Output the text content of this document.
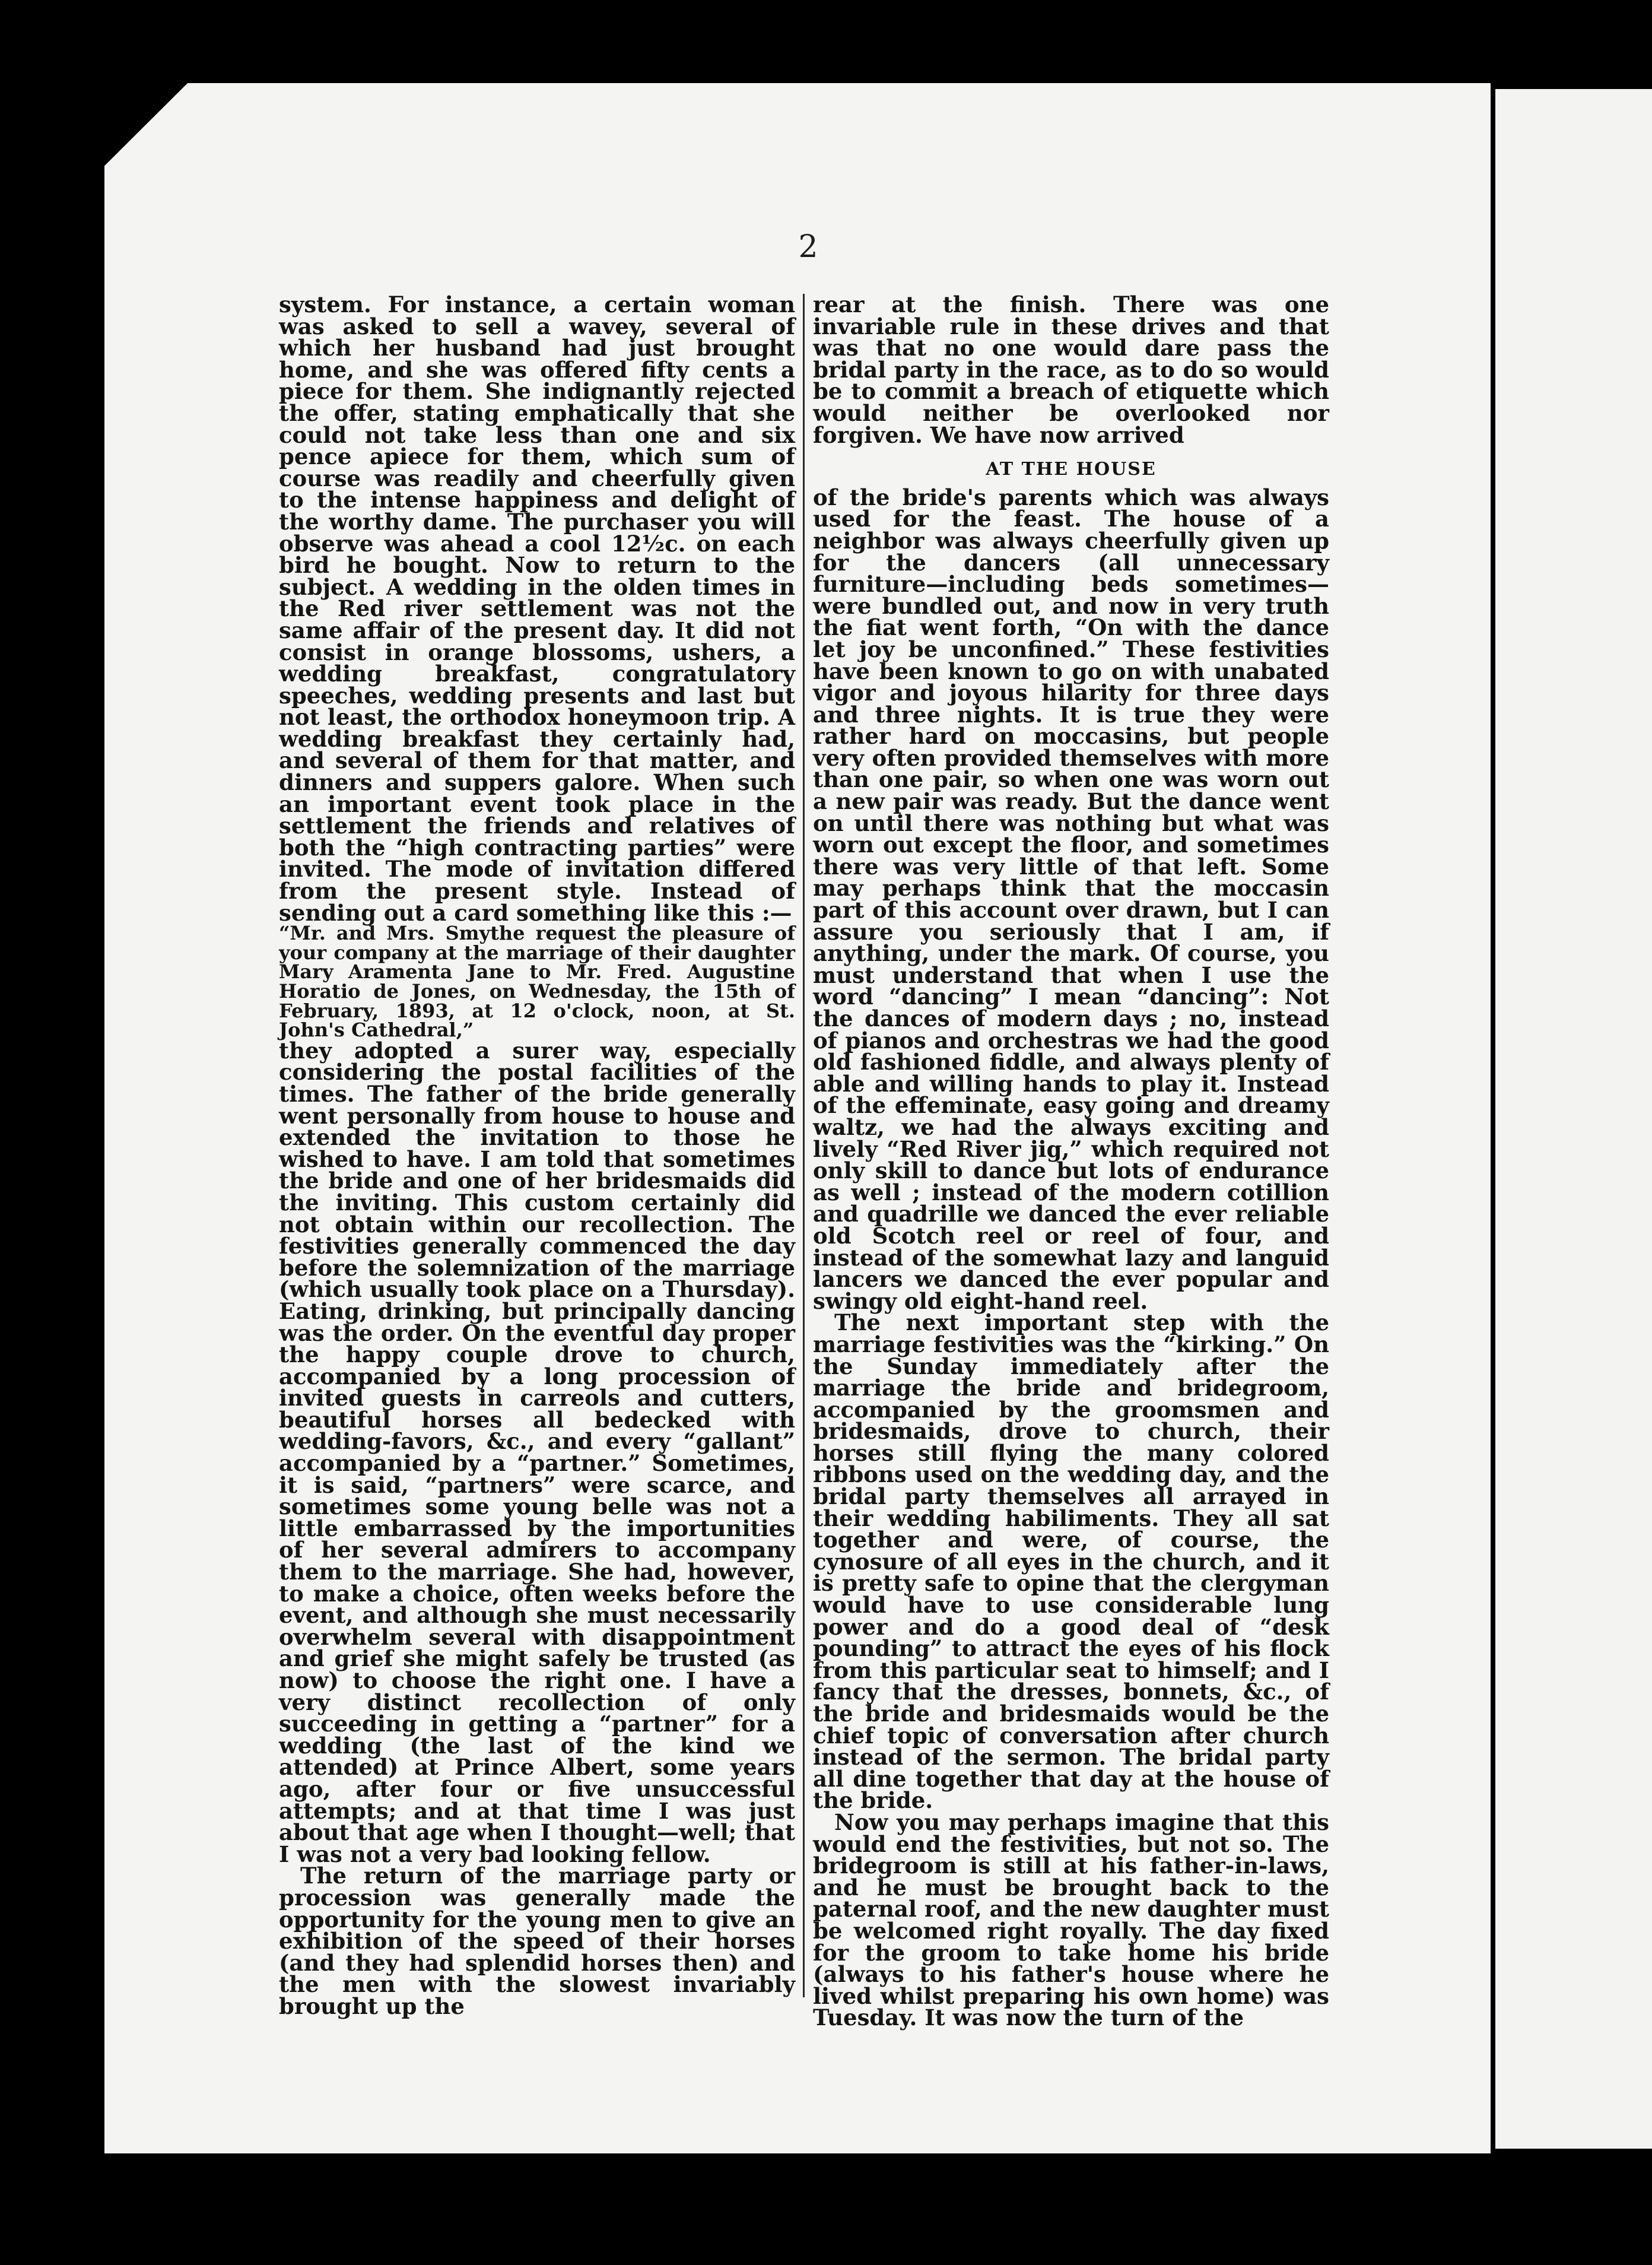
2

system. For instance, a certain woman was asked to sell a wavey, several of which her husband had just brought home, and she was offered fifty cents a piece for them. She indignantly rejected the offer, stating emphatically that she could not take less than one and six pence apiece for them, which sum of course was readily and cheerfully given to the intense happiness and delight of the worthy dame. The purchaser you will observe was ahead a cool 12½c. on each bird he bought. Now to return to the subject. A wedding in the olden times in the Red river settlement was not the same affair of the present day. It did not consist in orange blossoms, ushers, a wedding breakfast, congratulatory speeches, wedding presents and last but not least, the orthodox honeymoon trip. A wedding breakfast they certainly had, and several of them for that matter, and dinners and suppers galore. When such an important event took place in the settlement the friends and relatives of both the “high contracting parties” were invited. The mode of invitation differed from the present style. Instead of sending out a card something like this :—

“Mr. and Mrs. Smythe request the pleasure of your company at the marriage of their daughter Mary Aramenta Jane to Mr. Fred. Augustine Horatio de Jones, on Wednesday, the 15th of February, 1893, at 12 o'clock, noon, at St. John's Cathedral,”

they adopted a surer way, especially considering the postal facilities of the times. The father of the bride generally went personally from house to house and extended the invitation to those he wished to have. I am told that sometimes the bride and one of her bridesmaids did the inviting. This custom certainly did not obtain within our recollection. The festivities generally commenced the day before the solemnization of the marriage (which usually took place on a Thursday). Eating, drinking, but principally dancing was the order. On the eventful day proper the happy couple drove to church, accompanied by a long procession of invited guests in carreols and cutters, beautiful horses all bedecked with wedding-favors, &c., and every “gallant” accompanied by a “partner.” Sometimes, it is said, “partners” were scarce, and sometimes some young belle was not a little embarrassed by the importunities of her several admirers to accompany them to the marriage. She had, however, to make a choice, often weeks before the event, and although she must necessarily overwhelm several with disappointment and grief she might safely be trusted (as now) to choose the right one. I have a very distinct recollection of only succeeding in getting a “partner” for a wedding (the last of the kind we attended) at Prince Albert, some years ago, after four or five unsuccessful attempts; and at that time I was just about that age when I thought—well; that I was not a very bad looking fellow.

The return of the marriage party or procession was generally made the opportunity for the young men to give an exhibition of the speed of their horses (and they had splendid horses then) and the men with the slowest invariably brought up the

rear at the finish. There was one invariable rule in these drives and that was that no one would dare pass the bridal party in the race, as to do so would be to commit a breach of etiquette which would neither be overlooked nor forgiven. We have now arrived

AT THE HOUSE

of the bride's parents which was always used for the feast. The house of a neighbor was always cheerfully given up for the dancers (all unnecessary furniture—including beds sometimes—were bundled out, and now in very truth the fiat went forth, “On with the dance let joy be unconfined.” These festivities have been known to go on with unabated vigor and joyous hilarity for three days and three nights. It is true they were rather hard on moccasins, but people very often provided themselves with more than one pair, so when one was worn out a new pair was ready. But the dance went on until there was nothing but what was worn out except the floor, and sometimes there was very little of that left. Some may perhaps think that the moccasin part of this account over drawn, but I can assure you seriously that I am, if anything, under the mark. Of course, you must understand that when I use the word “dancing” I mean “dancing”: Not the dances of modern days ; no, instead of pianos and orchestras we had the good old fashioned fiddle, and always plenty of able and willing hands to play it. Instead of the effeminate, easy going and dreamy waltz, we had the always exciting and lively “Red River jig,” which required not only skill to dance but lots of endurance as well ; instead of the modern cotillion and quadrille we danced the ever reliable old Scotch reel or reel of four, and instead of the somewhat lazy and languid lancers we danced the ever popular and swingy old eight-hand reel.

The next important step with the marriage festivities was the “kirking.” On the Sunday immediately after the marriage the bride and bridegroom, accompanied by the groomsmen and bridesmaids, drove to church, their horses still flying the many colored ribbons used on the wedding day, and the bridal party themselves all arrayed in their wedding habiliments. They all sat together and were, of course, the cynosure of all eyes in the church, and it is pretty safe to opine that the clergyman would have to use considerable lung power and do a good deal of “desk pounding” to attract the eyes of his flock from this particular seat to himself; and I fancy that the dresses, bonnets, &c., of the bride and bridesmaids would be the chief topic of conversation after church instead of the sermon. The bridal party all dine together that day at the house of the bride.

Now you may perhaps imagine that this would end the festivities, but not so. The bridegroom is still at his father-in-laws, and he must be brought back to the paternal roof, and the new daughter must be welcomed right royally. The day fixed for the groom to take home his bride (always to his father's house where he lived whilst preparing his own home) was Tuesday. It was now the turn of the
